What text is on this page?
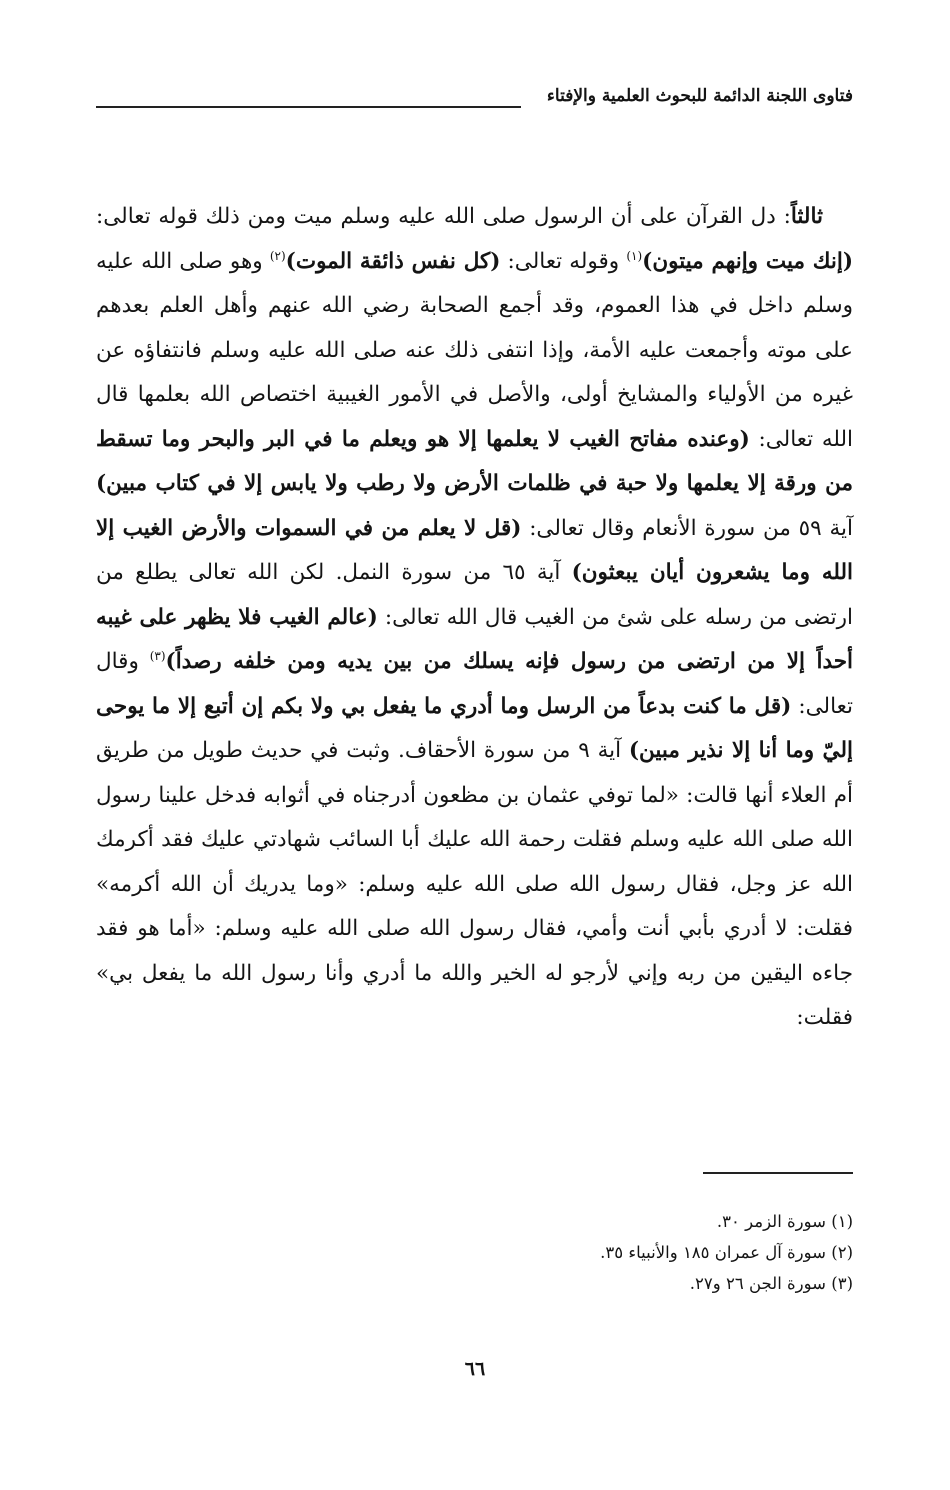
فتاوى اللجنة الدائمة للبحوث العلمية والإفتاء

ثالثاً: دل القرآن على أن الرسول صلى الله عليه وسلم ميت ومن ذلك قوله تعالى: (إنك ميت وإنهم ميتون)$^{(١)}$ وقوله تعالى: (كل نفس ذائقة الموت)$^{(٢)}$ وهو صلى الله عليه وسلم داخل في هذا العموم، وقد أجمع الصحابة رضي الله عنهم وأهل العلم بعدهم على موته وأجمعت عليه الأمة، وإذا انتفى ذلك عنه صلى الله عليه وسلم فانتفاؤه عن غيره من الأولياء والمشايخ أولى، والأصل في الأمور الغيبية اختصاص الله بعلمها قال الله تعالى: (وعنده مفاتح الغيب لا يعلمها إلا هو ويعلم ما في البر والبحر وما تسقط من ورقة إلا يعلمها ولا حبة في ظلمات الأرض ولا رطب ولا يابس إلا في كتاب مبين) آية ٥٩ من سورة الأنعام وقال تعالى: (قل لا يعلم من في السموات والأرض الغيب إلا الله وما يشعرون أيان يبعثون) آية ٦٥ من سورة النمل. لكن الله تعالى يطلع من ارتضى من رسله على شئ من الغيب قال الله تعالى: (عالم الغيب فلا يظهر على غيبه أحداً إلا من ارتضى من رسول فإنه يسلك من بين يديه ومن خلفه رصداً)$^{(٣)}$ وقال تعالى: (قل ما كنت بدعاً من الرسل وما أدري ما يفعل بي ولا بكم إن أتبع إلا ما يوحى إليّ وما أنا إلا نذير مبين) آية ٩ من سورة الأحقاف. وثبت في حديث طويل من طريق أم العلاء أنها قالت: «لما توفي عثمان بن مظعون أدرجناه في أثوابه فدخل علينا رسول الله صلى الله عليه وسلم فقلت رحمة الله عليك أبا السائب شهادتي عليك فقد أكرمك الله عز وجل، فقال رسول الله صلى الله عليه وسلم: «وما يدريك أن الله أكرمه» فقلت: لا أدري بأبي أنت وأمي، فقال رسول الله صلى الله عليه وسلم: «أما هو فقد جاءه اليقين من ربه وإني لأرجو له الخير والله ما أدري وأنا رسول الله ما يفعل بي» فقلت:

(١) سورة الزمر ٣٠.

(٢) سورة آل عمران ١٨٥ والأنبياء ٣٥.

(٣) سورة الجن ٢٦ و٢٧.

٦٦
